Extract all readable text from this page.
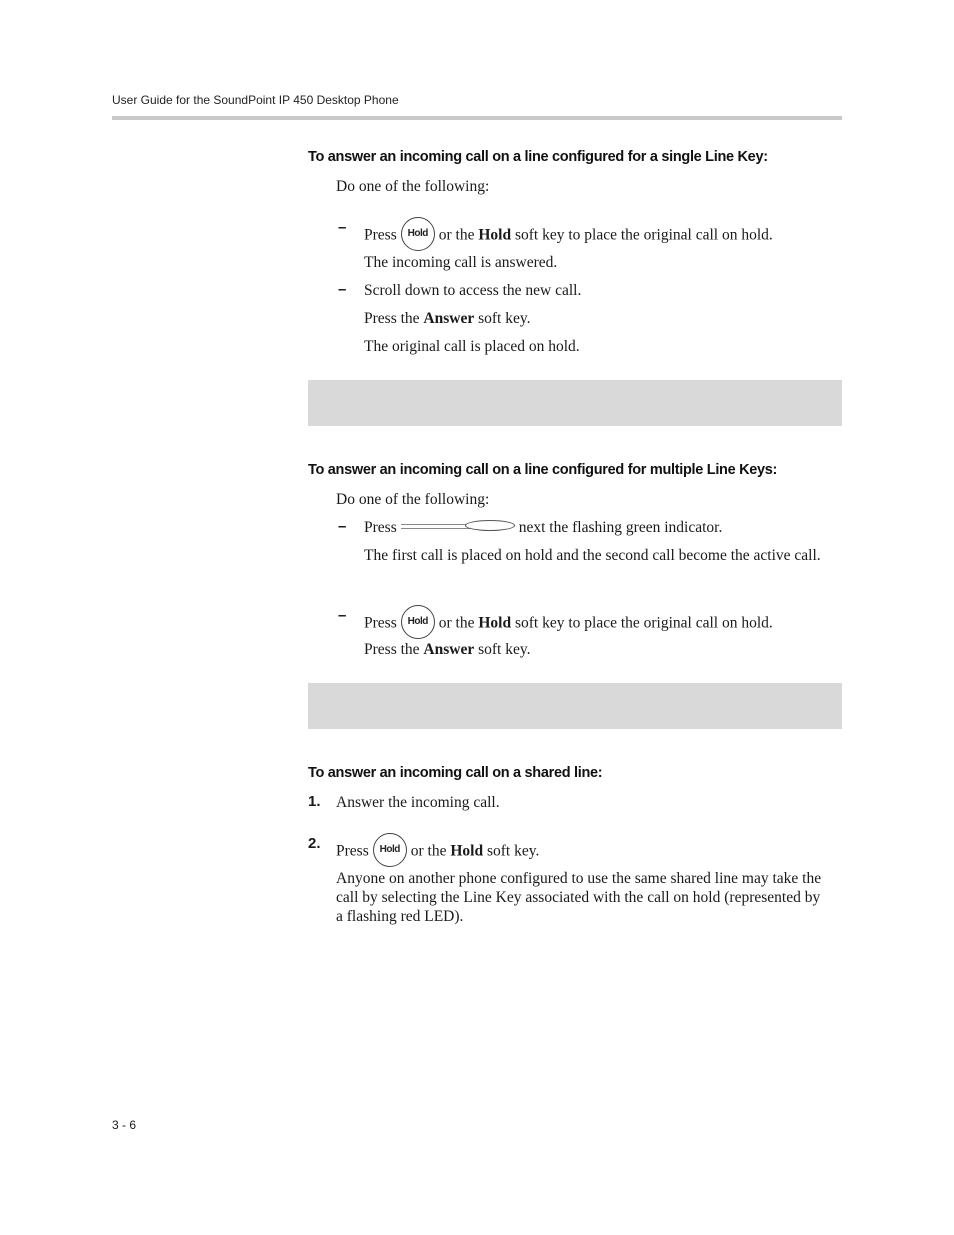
User Guide for the SoundPoint IP 450 Desktop Phone
To answer an incoming call on a line configured for a single Line Key:
Do one of the following:
– Press Hold or the Hold soft key to place the original call on hold.
The incoming call is answered.
– Scroll down to access the new call.
Press the Answer soft key.
The original call is placed on hold.
To answer an incoming call on a line configured for multiple Line Keys:
Do one of the following:
– Press	next the flashing green indicator.
The first call is placed on hold and the second call become the active call.
– Press Hold or the Hold soft key to place the original call on hold.
Press the Answer soft key.
To answer an incoming call on a shared line:
1. Answer the incoming call.
2. Press Hold or the Hold soft key.
Anyone on another phone configured to use the same shared line may take the call by selecting the Line Key associated with the call on hold (represented by a flashing red LED).
3 - 6
